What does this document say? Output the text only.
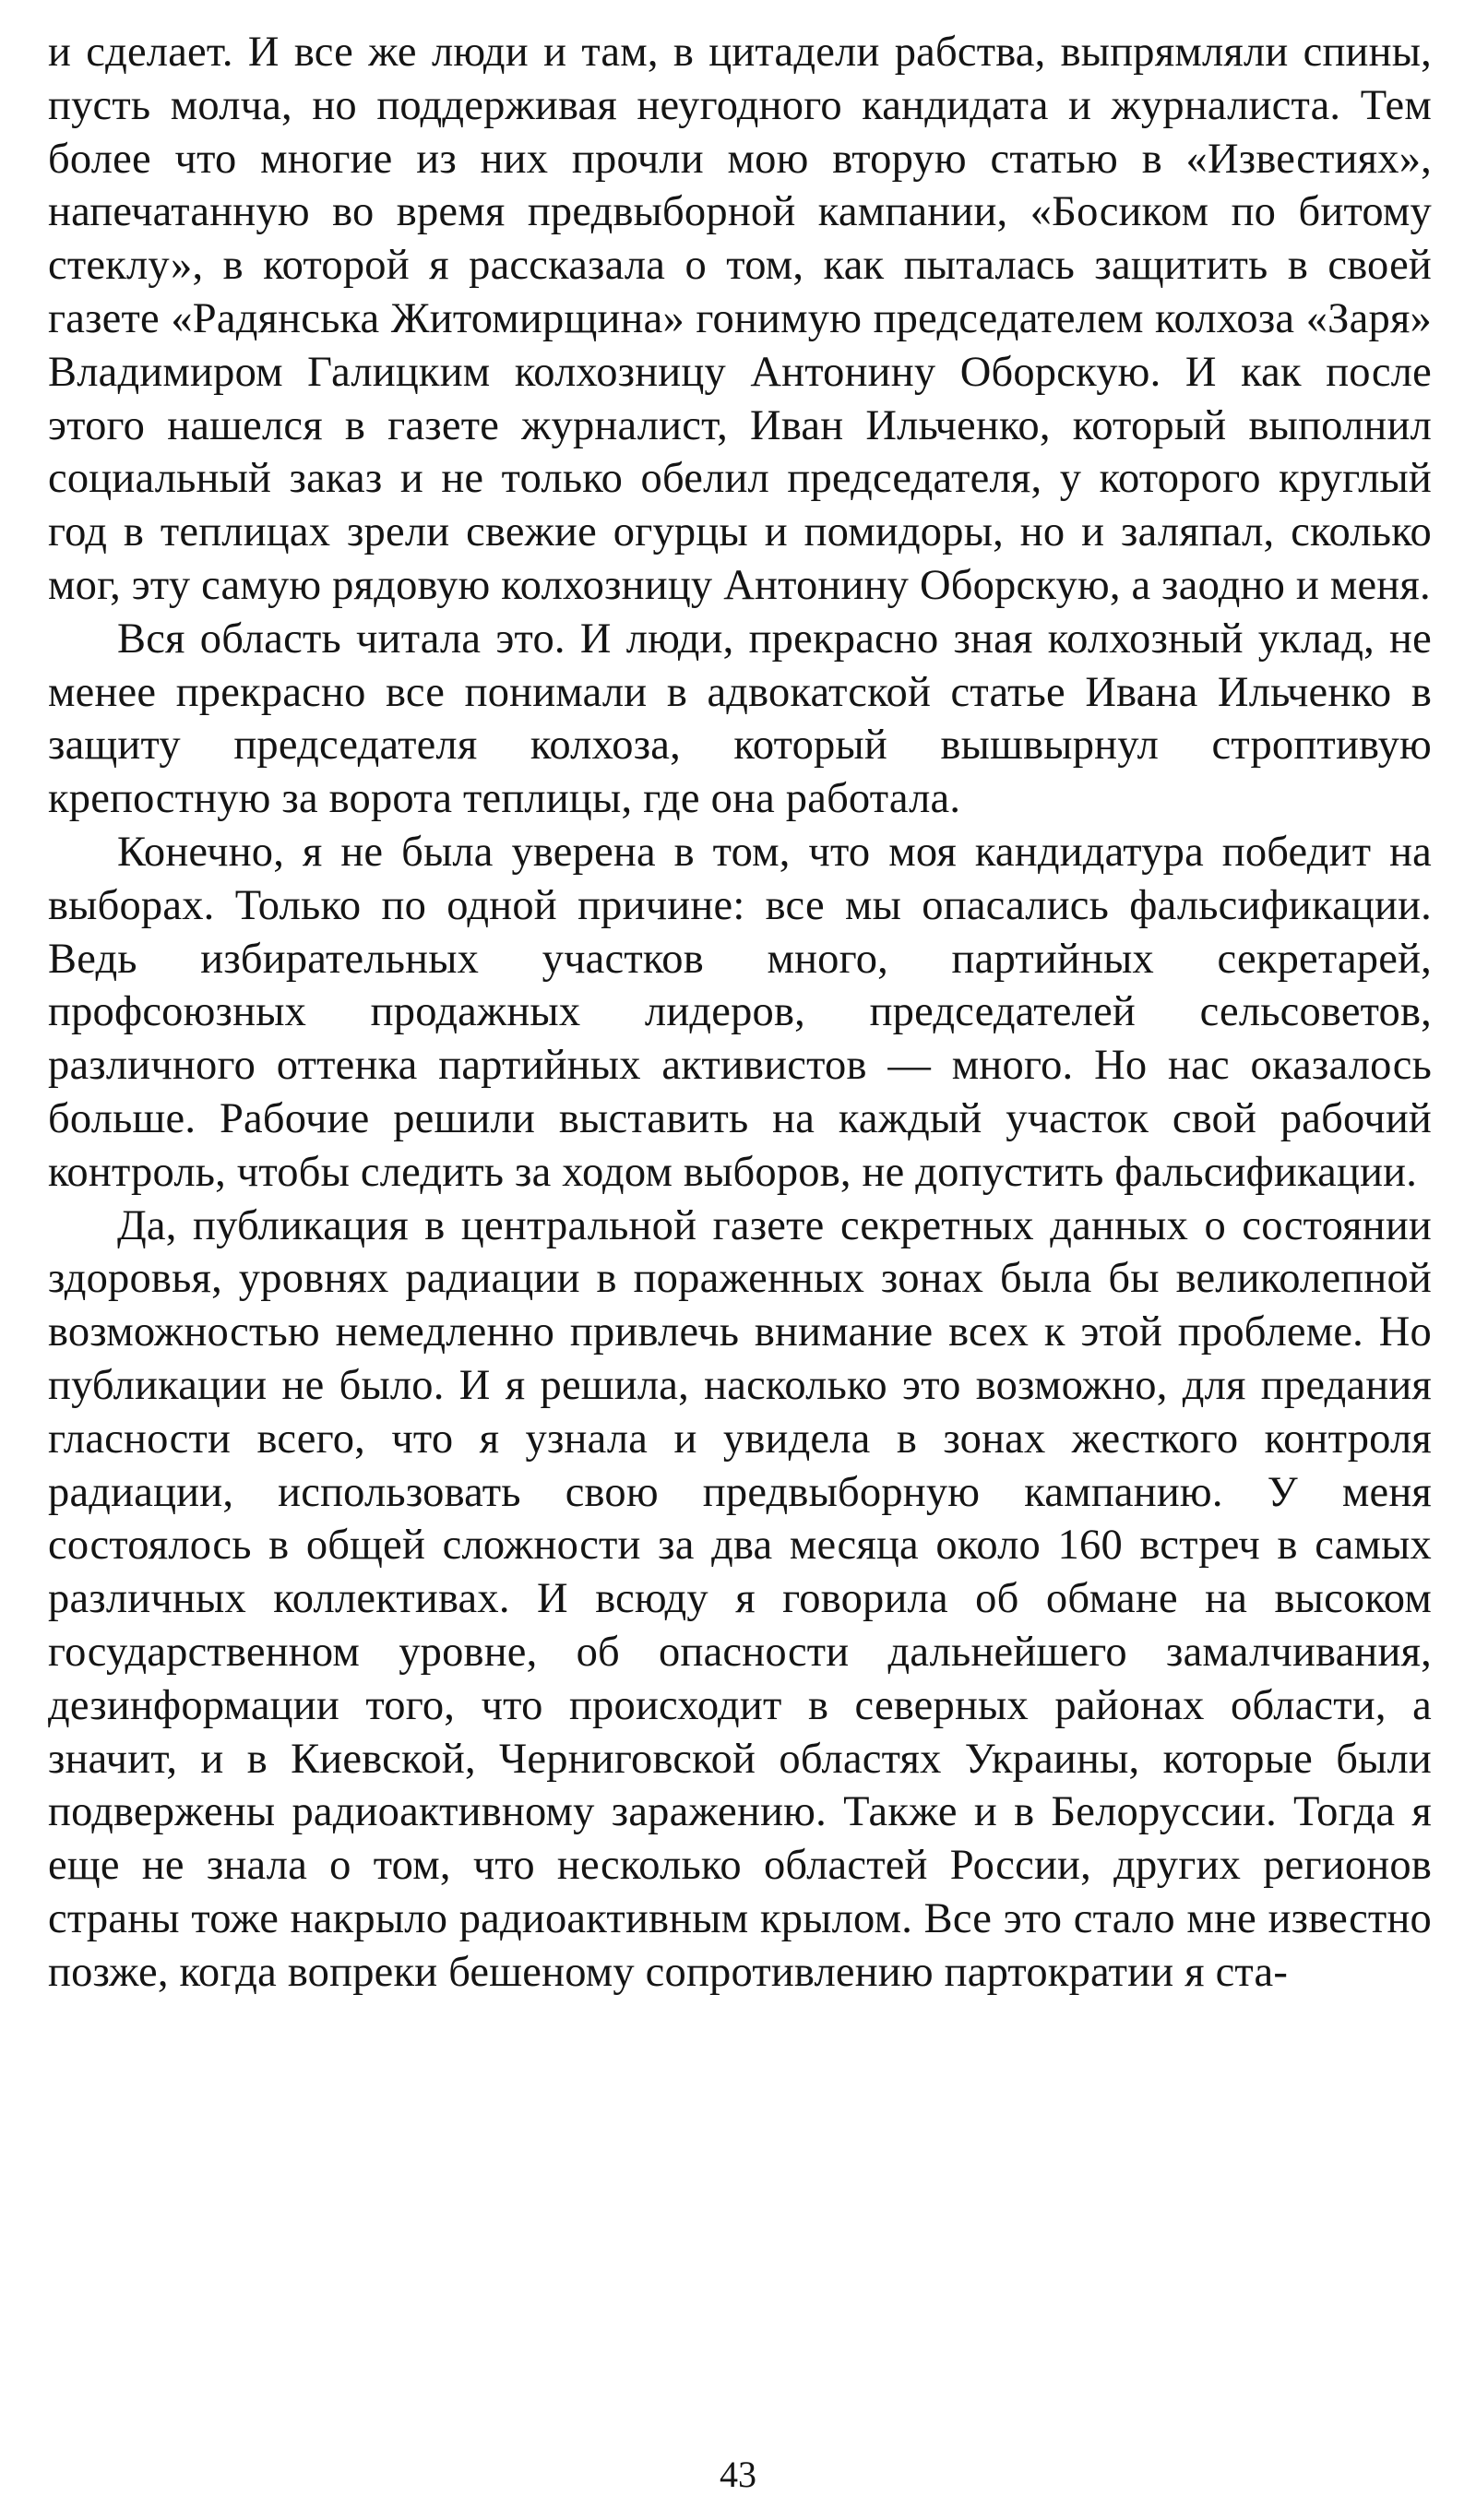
и сделает. И все же люди и там, в цитадели рабства, выпрямляли спины, пусть молча, но поддерживая неугодного кандидата и журналиста. Тем более что многие из них прочли мою вторую статью в «Известиях», напечатанную во время предвыборной кампании, «Босиком по битому стеклу», в которой я рассказала о том, как пыталась защитить в своей газете «Радянська Житомирщина» гонимую председателем колхоза «Заря» Владимиром Галицким колхозницу Антонину Оборскую. И как после этого нашелся в газете журналист, Иван Ильченко, который выполнил социальный заказ и не только обелил председателя, у которого круглый год в теплицах зрели свежие огурцы и помидоры, но и заляпал, сколько мог, эту самую рядовую колхозницу Антонину Оборскую, а заодно и меня.

Вся область читала это. И люди, прекрасно зная колхозный уклад, не менее прекрасно все понимали в адвокатской статье Ивана Ильченко в защиту председателя колхоза, который вышвырнул строптивую крепостную за ворота теплицы, где она работала.

Конечно, я не была уверена в том, что моя кандидатура победит на выборах. Только по одной причине: все мы опасались фальсификации. Ведь избирательных участков много, партийных секретарей, профсоюзных продажных лидеров, председателей сельсоветов, различного оттенка партийных активистов — много. Но нас оказалось больше. Рабочие решили выставить на каждый участок свой рабочий контроль, чтобы следить за ходом выборов, не допустить фальсификации.

Да, публикация в центральной газете секретных данных о состоянии здоровья, уровнях радиации в пораженных зонах была бы великолепной возможностью немедленно привлечь внимание всех к этой проблеме. Но публикации не было. И я решила, насколько это возможно, для предания гласности всего, что я узнала и увидела в зонах жесткого контроля радиации, использовать свою предвыборную кампанию. У меня состоялось в общей сложности за два месяца около 160 встреч в самых различных коллективах. И всюду я говорила об обмане на высоком государственном уровне, об опасности дальнейшего замалчивания, дезинформации того, что происходит в северных районах области, а значит, и в Киевской, Черниговской областях Украины, которые были подвержены радиоактивному заражению. Также и в Белоруссии. Тогда я еще не знала о том, что несколько областей России, других регионов страны тоже накрыло радиоактивным крылом. Все это стало мне известно позже, когда вопреки бешеному сопротивлению партократии я ста-

43
